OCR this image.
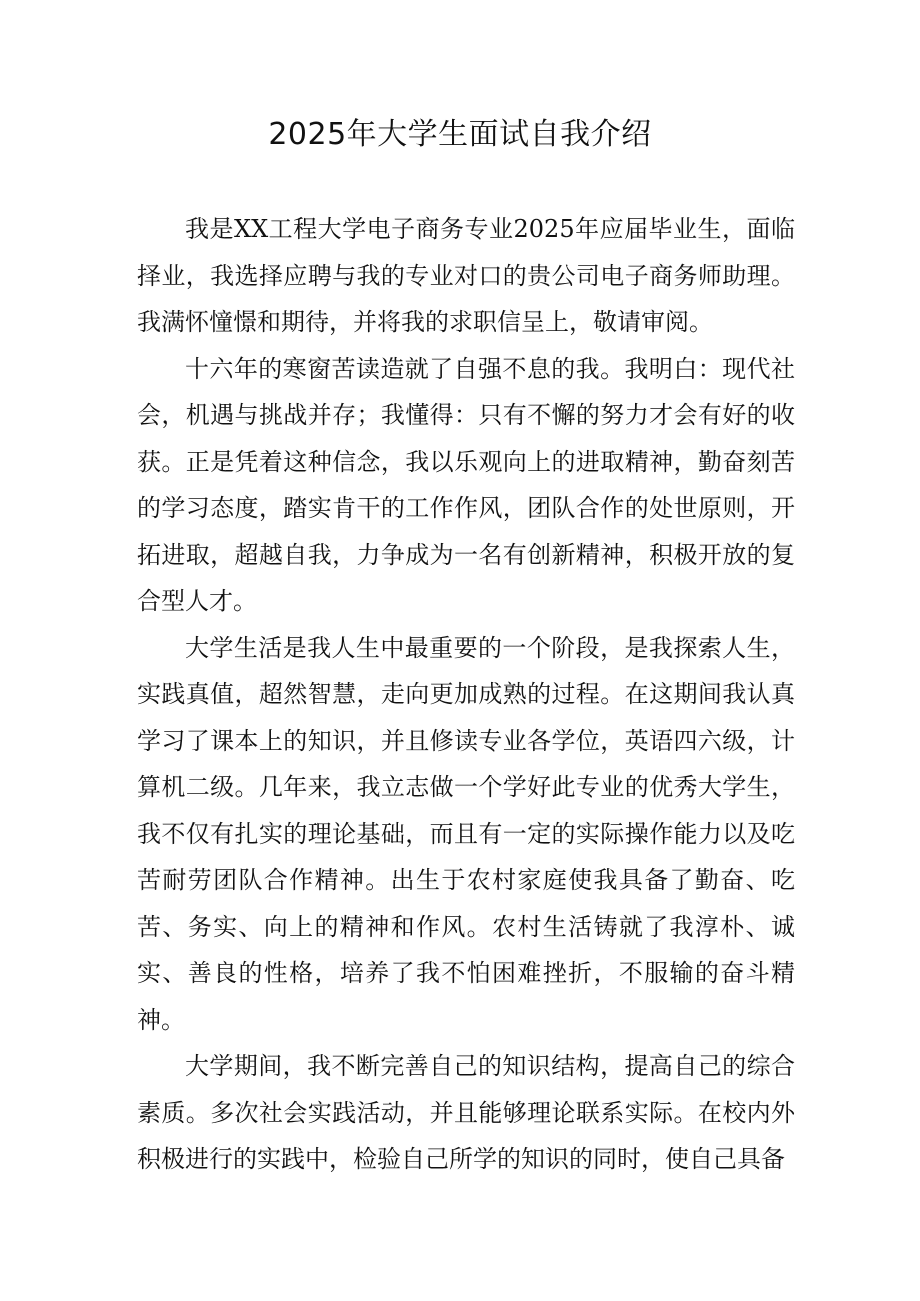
2025年大学生面试自我介绍

我是XX工程大学电子商务专业2025年应届毕业生，面临择业，我选择应聘与我的专业对口的贵公司电子商务师助理。我满怀憧憬和期待，并将我的求职信呈上，敬请审阅。

十六年的寒窗苦读造就了自强不息的我。我明白：现代社会，机遇与挑战并存；我懂得：只有不懈的努力才会有好的收获。正是凭着这种信念，我以乐观向上的进取精神，勤奋刻苦的学习态度，踏实肯干的工作作风，团队合作的处世原则，开拓进取，超越自我，力争成为一名有创新精神，积极开放的复合型人才。

大学生活是我人生中最重要的一个阶段，是我探索人生，实践真值，超然智慧，走向更加成熟的过程。在这期间我认真学习了课本上的知识，并且修读专业各学位，英语四六级，计算机二级。几年来，我立志做一个学好此专业的优秀大学生，我不仅有扎实的理论基础，而且有一定的实际操作能力以及吃苦耐劳团队合作精神。出生于农村家庭使我具备了勤奋、吃苦、务实、向上的精神和作风。农村生活铸就了我淳朴、诚实、善良的性格，培养了我不怕困难挫折，不服输的奋斗精神。

大学期间，我不断完善自己的知识结构，提高自己的综合素质。多次社会实践活动，并且能够理论联系实际。在校内外积极进行的实践中，检验自己所学的知识的同时，使自己具备
